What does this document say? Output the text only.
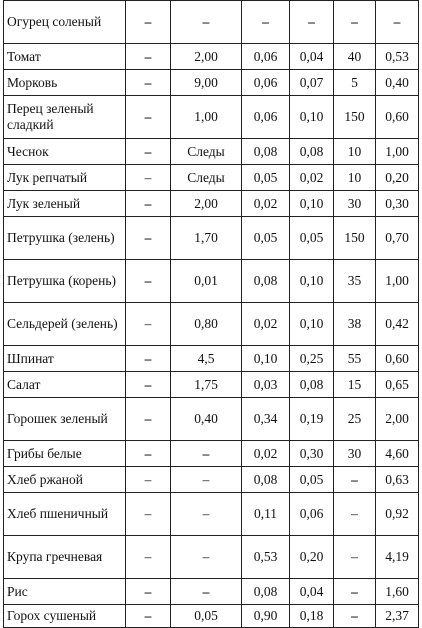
Огурец соленый	–	–	–	–	–	–
Томат	–	2,00	0,06	0,04	40	0,53
Морковь	–	9,00	0,06	0,07	5	0,40
Перец зеленый сладкий	–	1,00	0,06	0,10	150	0,60
Чеснок	–	Следы	0,08	0,08	10	1,00
Лук репчатый	–	Следы	0,05	0,02	10	0,20
Лук зеленый	–	2,00	0,02	0,10	30	0,30
Петрушка (зелень)	–	1,70	0,05	0,05	150	0,70
Петрушка (корень)	–	0,01	0,08	0,10	35	1,00
Сельдерей (зелень)	–	0,80	0,02	0,10	38	0,42
Шпинат	–	4,5	0,10	0,25	55	0,60
Салат	–	1,75	0,03	0,08	15	0,65
Горошек зеленый	–	0,40	0,34	0,19	25	2,00
Грибы белые	–	–	0,02	0,30	30	4,60
Хлеб ржаной	–	–	0,08	0,05	–	0,63
Хлеб пшеничный	–	–	0,11	0,06	–	0,92
Крупа гречневая	–	–	0,53	0,20	–	4,19
Рис	–	–	0,08	0,04	–	1,60
Горох сушеный	–	0,05	0,90	0,18	–	2,37
